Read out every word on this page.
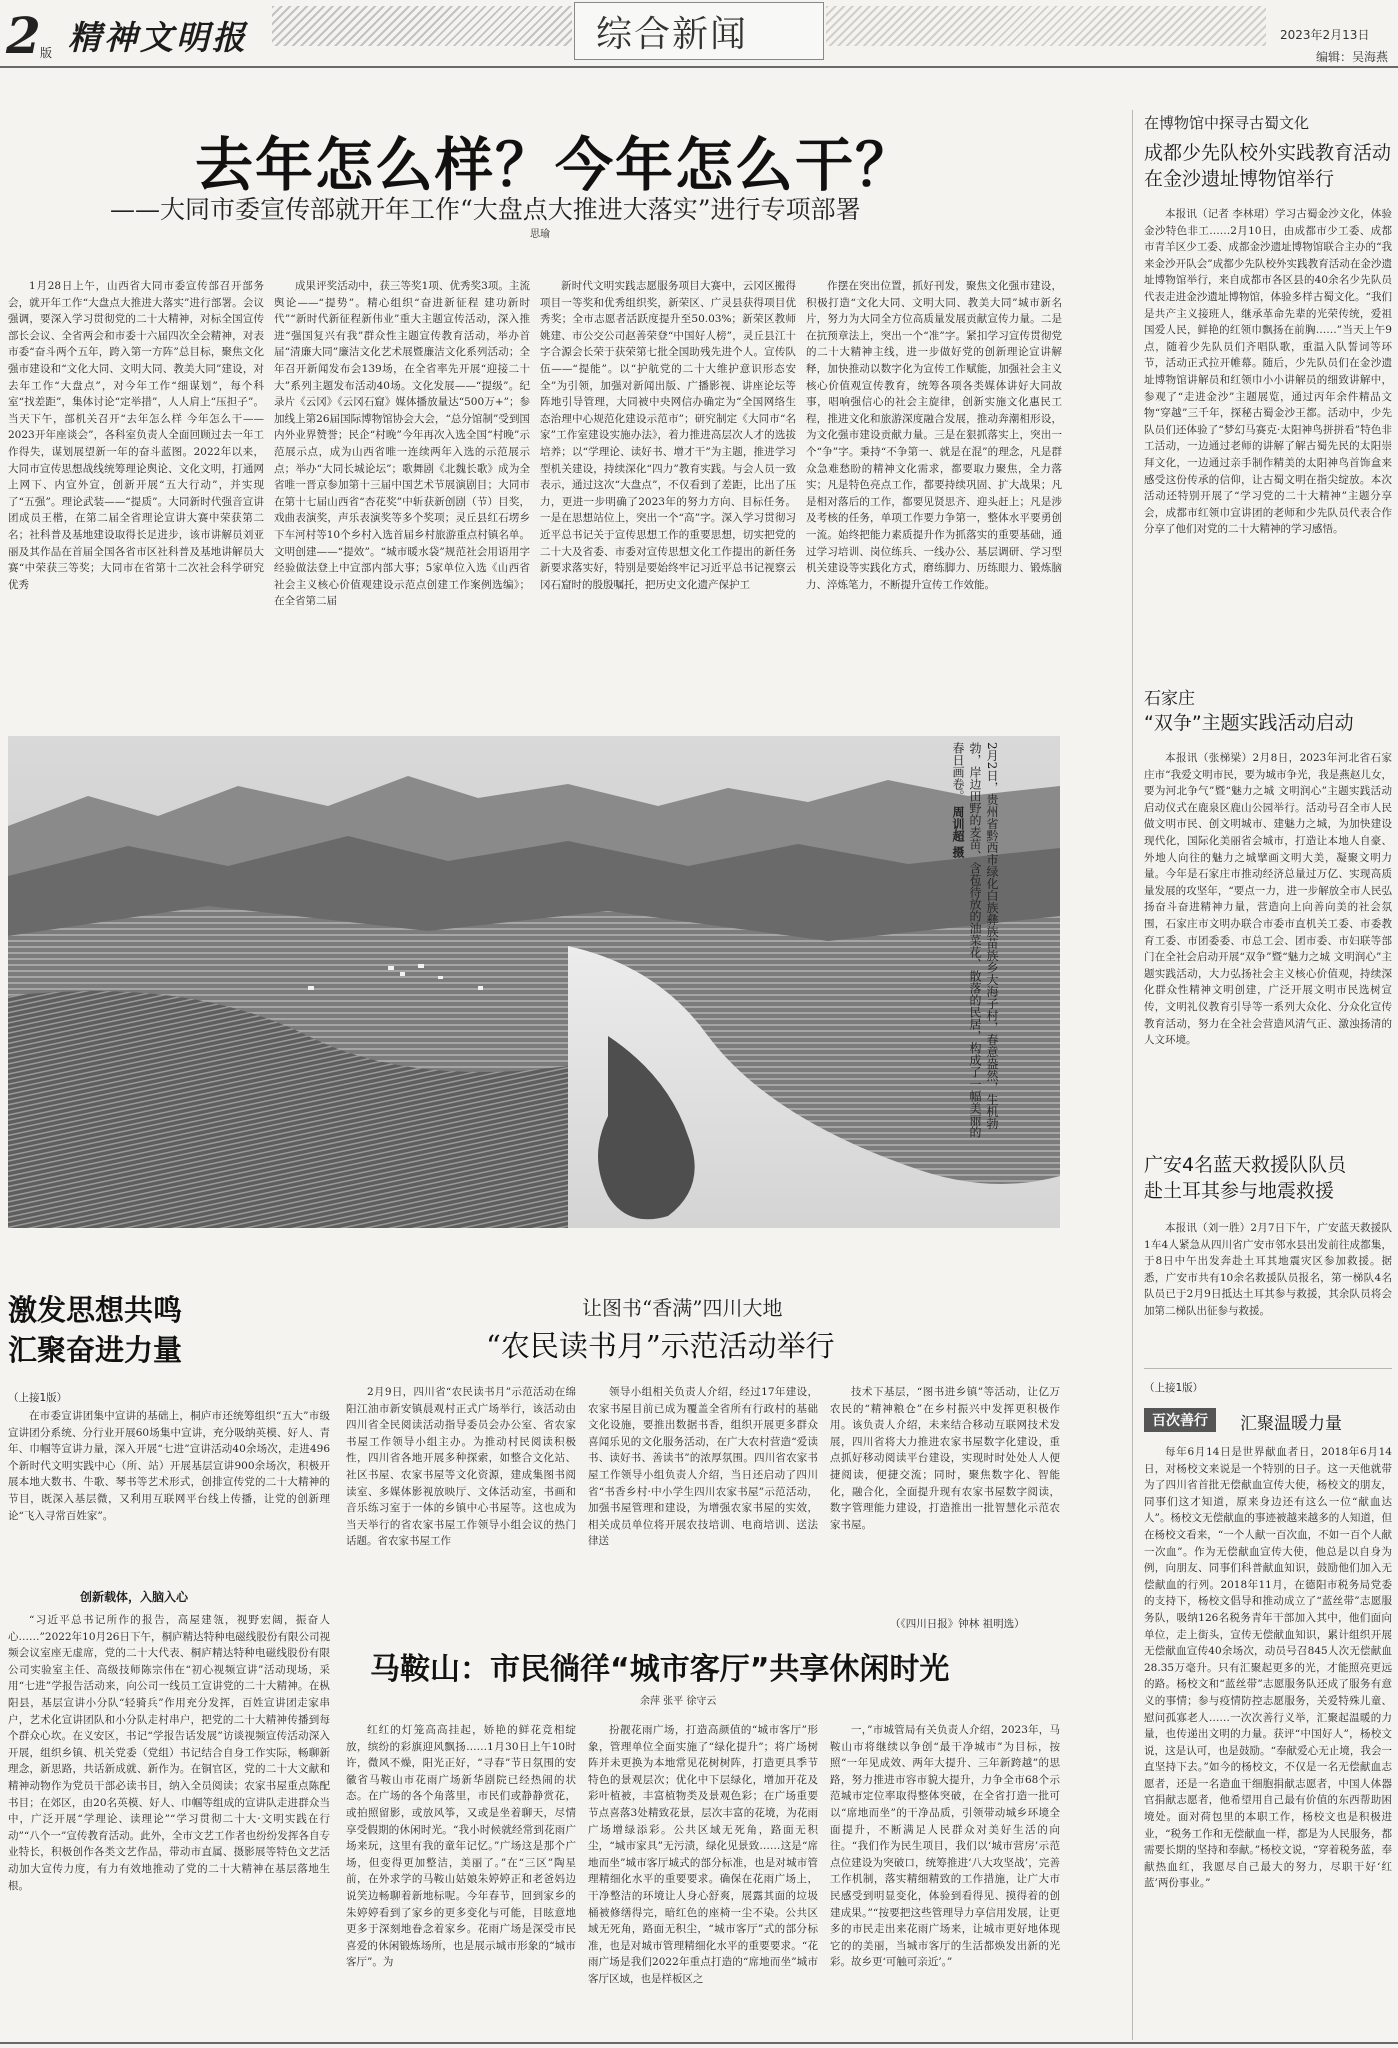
2 版 精神文明报	综合新闻	2023年2月13日
编辑：吴海燕
去年怎么样？今年怎么干？
——大同市委宣传部就开年工作“大盘点大推进大落实”进行专项部署
思瑜

1月28日上午，山西省大同市委宣传部召开部务会，就开年工作“大盘点大推进大落实”进行部署。会议强调，要深入学习贯彻党的二十大精神，对标全国宣传部长会议、全省两会和市委十六届四次全会精神，对表市委“奋斗两个五年，跨入第一方阵”总目标，聚焦文化强市建设和“文化大同、文明大同、教美大同”建设，对去年工作“大盘点”，对今年工作“细谋划”，每个科室“找差距”，集体讨论“定举措”，人人肩上“压担子”。当天下午，部机关召开“去年怎么样 今年怎么干——2023开年座谈会”，各科室负责人全面回顾过去一年工作得失，谋划展望新一年的奋斗蓝图。2022年以来，大同市宣传思想战线统筹理论舆论、文化文明，打通网上网下、内宣外宣，创新开展“五大行动”，并实现了“五强”。理论武装——“提质”。大同新时代强音宣讲团成员王楷，在第二届全省理论宣讲大赛中荣获第二名；社科普及基地建设取得长足进步，该市讲解员刘亚丽及其作品在首届全国各省市区社科普及基地讲解员大赛“中荣获三等奖；大同市在省第十二次社会科学研究优秀

成果评奖活动中，获三等奖1项、优秀奖3项。主流舆论——“提势”。精心组织“奋进新征程 建功新时代”“新时代新征程新伟业”重大主题宣传活动，深入推进“强国复兴有我”群众性主题宣传教育活动，举办首届“清廉大同”廉洁文化艺术展暨廉洁文化系列活动；全年召开新闻发布会139场，在全省率先开展“迎接二十大”系列主题发布活动40场。文化发展——“提级”。纪录片《云冈》《云冈石窟》媒体播放量达“500万+”；参加线上第26届国际博物馆协会大会，“总分馆制”受到国内外业界赞誉；民企“村晚”今年再次入选全国“村晚”示范展示点，成为山西省唯一连续两年入选的示范展示点；举办“大同长城论坛”；歌舞剧《北魏长歌》成为全省唯一晋京参加第十三届中国艺术节展演剧目；大同市在第十七届山西省“杏花奖”中斩获新创剧（节）目奖，戏曲表演奖，声乐表演奖等多个奖项；灵丘县红石塄乡下车河村等10个乡村入选首届乡村旅游重点村镇名单。文明创建——“提效”。“城市暖水袋”规范社会用语用字经验做法登上中宣部内部大事；5家单位入选《山西省社会主义核心价值观建设示范点创建工作案例选编》；在全省第二届

新时代文明实践志愿服务项目大赛中，云冈区搬得项目一等奖和优秀组织奖，新荣区、广灵县获得项目优秀奖；全市志愿者活跃度提升至50.03%；新荣区教师姚建、市公交公司赵善荣登“中国好人榜”，灵丘县江十字合源会长荣于获荣第七批全国助残先进个人。宣传队伍——“提能”。以“护航党的二十大维护意识形态安全”为引领，加强对新闻出版、广播影视、讲座论坛等阵地引导管理，大同被中央网信办确定为“全国网络生态治理中心规范化建设示范市”；研究制定《大同市“名家”工作室建设实施办法》，着力推进高层次人才的选拔培养；以“学理论、读好书、增才干”为主题，推进学习型机关建设，持续深化“四力”教育实践。与会人员一致表示，通过这次“大盘点”，不仅看到了差距，比出了压力，更进一步明确了2023年的努力方向、目标任务。一是在思想站位上，突出一个“高”字。深入学习贯彻习近平总书记关于宣传思想工作的重要思想，切实把党的二十大及省委、市委对宣传思想文化工作提出的新任务新要求落实好，特别是要始终牢记习近平总书记视察云冈石窟时的殷殷嘱托，把历史文化遗产保护工

作摆在突出位置，抓好刊发，聚焦文化强市建设，积极打造“文化大同、文明大同、教美大同”城市新名片，努力为大同全方位高质量发展贡献宣传力量。二是在抗预章法上，突出一个“准”字。紧扣学习宣传贯彻党的二十大精神主线，进一步做好党的创新理论宣讲解释，加快推动以数字化为宣传工作赋能，加强社会主义核心价值观宣传教育，统筹各项各类媒体讲好大同故事，唱响强信心的社会主旋律，创新实施文化惠民工程，推进文化和旅游深度融合发展，推动奔潮相形设，为文化强市建设贡献力量。三是在狠抓落实上，突出一个“争”字。秉持“不争第一、就是在混”的理念，凡是群众急难愁盼的精神文化需求，都要取力聚焦，全力落实；凡是特色亮点工作，都要持续巩固、扩大战果；凡是相对落后的工作，都要见贤思齐、迎头赶上；凡是涉及考核的任务，单项工作要力争第一，整体水平要勇创一流。始终把能力素质提升作为抓落实的重要基础，通过学习培训、岗位练兵、一线办公、基层调研、学习型机关建设等实践化方式，磨练脚力、历练眼力、锻炼脑力、淬炼笔力，不断提升宣传工作效能。

2月2日，贵州省黔西市绿化白族彝族苗族乡大海子村，春意盎然，生机勃勃，岸边田野的麦苗、含苞待放的油菜花、散落的民居，构成了一幅美丽的春日画卷。 周训超 摄
激发思想共鸣
汇聚奋进力量
（上接1版）

在市委宣讲团集中宣讲的基础上，桐庐市还统筹组织“五大”市级宣讲团分系统、分行业开展60场集中宣讲，充分吸纳英模、好人、青年、巾帼等宣讲力量，深入开展“七进”宣讲活动40余场次，走进496个新时代文明实践中心（所、站）开展基层宣讲900余场次，积极开展本地大数书、牛歌、琴书等艺术形式，创排宣传党的二十大精神的节目，既深入基层微，又利用互联网平台线上传播，让党的创新理论“飞入寻常百姓家”。

创新载体，入脑入心

“习近平总书记所作的报告，高屋建瓴，视野宏阔，振奋人心……”2022年10月26日下午，桐庐精达特种电磁线股份有限公司视频会议室座无虚席，党的二十大代表、桐庐精达特种电磁线股份有限公司实验室主任、高级技师陈宗伟在“初心视频宣讲”活动现场，采用“七进”学报告活动来，向公司一线员工宣讲党的二十大精神。在枞阳县，基层宣讲小分队“轻骑兵”作用充分发挥，百姓宣讲团走家串户，艺术化宣讲团队和小分队走村串户，把党的二十大精神传播到每个群众心坎。在义安区，书记“学报告话发展”访谈视频宣传活动深入开展，组织乡镇、机关党委（党组）书记结合自身工作实际，畅聊新理念，新思路，共话新成就、新作为。在铜官区，党的二十大文献和精神动物作为党员干部必读书目，纳入全员阅读；农家书屋重点陈配书目；在郊区，由20名英模、好人、巾帼等组成的宣讲队走进群众当中，广泛开展“学理论、读理论”“学习贯彻二十大·文明实践在行动”“八个一”宣传教育活动。此外，全市文艺工作者也纷纷发挥各自专业特长，积极创作各类文艺作品，带动市直属、摄影展等特色文艺活动加大宣传力度，有力有效地推动了党的二十大精神在基层落地生根。

让图书“香满”四川大地
“农民读书月”示范活动举行

2月9日，四川省“农民读书月”示范活动在绵阳江油市新安镇晨观村正式广场举行，该活动由四川省全民阅读活动指导委员会办公室、省农家书屋工作领导小组主办。为推动村民阅读积极性，四川省各地开展多种探索，如整合文化站、社区书屋、农家书屋等文化资源，建成集图书阅读室、多媒体影视放映厅、文体活动室，书画和音乐练习室于一体的乡镇中心书屋等。这也成为当天举行的省农家书屋工作领导小组会议的热门话题。省农家书屋工作

领导小组相关负责人介绍，经过17年建设，农家书屋目前已成为覆盖全省所有行政村的基础文化设施，要推出数据书香，组织开展更多群众喜闻乐见的文化服务活动，在广大农村营造“爱读书、读好书、善读书”的浓厚氛围。四川省农家书屋工作领导小组负责人介绍，当日还启动了四川省“书香乡村·中小学生四川农家书屋”示范活动，加强书屋管理和建设，为增强农家书屋的实效，相关成员单位将开展农技培训、电商培训、送法律送

技术下基层，“图书进乡镇”等活动，让亿万农民的“精神粮仓”在乡村振兴中发挥更积极作用。该负责人介绍，未来结合移动互联网技术发展，四川省将大力推进农家书屋数字化建设，重点抓好移动阅读平台建设，实现时时处处人人便捷阅读，便捷交流；同时，聚焦数字化、智能化，融合化，全面提升现有农家书屋数字阅读，数字管理能力建设，打造推出一批智慧化示范农家书屋。

（《四川日报》钟林 祖明选）
马鞍山：市民徜徉“城市客厅”共享休闲时光
余萍 张平 徐守云

红红的灯笼高高挂起，娇艳的鲜花竞相绽放，缤纷的彩旗迎风飘扬……1月30日上午10时许，微风不燥，阳光正好，“寻春”节日氛围的安徽省马鞍山市花雨广场新华剧院已经热闹的状态。在广场的各个角落里，市民们或静静赏花，或拍照留影，或放风筝，又或是坐着聊天，尽情享受假期的休闲时光。“我小时候就经常到花雨广场来玩，这里有我的童年记忆。”广场这是那个广场，但变得更加整洁，美丽了。”在“三区”陶星前，在外求学的马鞍山姑娘朱婷婷正和老爸妈边说笑边畅聊着新地标呢。今年春节，回到家乡的朱婷婷看到了家乡的更多变化与可能，目眩意地更多于深刻地眷念着家乡。花雨广场是深受市民喜爱的休闲锻炼场所，也是展示城市形象的“城市客厅”。为

扮靓花雨广场，打造高颜值的“城市客厅”形象，管理单位全面实施了“绿化提升”；将广场树阵并未更换为本地常见花树树阵，打造更具季节特色的景观层次；优化中下层绿化，增加开花及彩叶植被，丰富植物类及景观色彩；在广场重要节点喜落3处精致花景，层次丰富的花境，为花雨广场增绿添彩。公共区域无死角，路面无积尘，“城市家具”无污渍，绿化见景致……这是“席地而坐”城市客厅城式的部分标准，也是对城市管理精细化水平的重要要求。确保在花雨广场上，干净整洁的环境让人身心舒爽，展露其面的垃圾桶被修缮得完，暗红色的座椅一尘不染。公共区域无死角，路面无积尘，“城市客厅”式的部分标准，也是对城市管理精细化水平的重要要求。“花雨广场是我们2022年重点打造的“席地而坐”城市客厅区域，也是样板区之

一，”市城管局有关负责人介绍，2023年，马鞍山市将继续以争创“最干净城市”为目标，按照“一年见成效、两年大提升、三年新跨越”的思路，努力推进市容市貌大提升，力争全市68个示范城市定位率取得整体突破，在全省打造一批可以“席地而坐”的干净品质，引领带动城乡环境全面提升，不断满足人民群众对美好生活的向往。“我们作为民生项目，我们以‘城市营房’示范点位建设为突破口，统筹推进‘八大攻坚战’，完善工作机制，落实精细精致的工作措施，让广大市民感受到明显变化，体验到看得见、摸得着的创建成果。”“按要把这些管理导力享信用发展，让更多的市民走出来花雨广场来，让城市更好地体现它的的美丽，当城市客厅的生活都焕发出新的光彩。故乡更‘可触可亲近’。”

在博物馆中探寻古蜀文化
成都少先队校外实践教育活动
在金沙遗址博物馆举行

本报讯（记者 李林珺）学习古蜀金沙文化，体验金沙特色非工……2月10日，由成都市少工委、成都市青羊区少工委、成都金沙遗址博物馆联合主办的“我来金沙开队会”成都少先队校外实践教育活动在金沙遗址博物馆举行，来自成都市各区县的40余名少先队员代表走进金沙遗址博物馆，体验多样古蜀文化。“我们是共产主义接班人，继承革命先辈的光荣传统，爱祖国爱人民，鲜艳的红领巾飘扬在前胸……”当天上午9点，随着少先队员们齐唱队歌，重温入队誓词等环节，活动正式拉开帷幕。随后，少先队员们在金沙遗址博物馆讲解员和红领巾小小讲解员的细致讲解中，参观了“走进金沙”主题展览，通过丙年余件精品文物“穿越”三千年，探秘古蜀金沙王都。活动中，少先队员们还体验了“梦幻马赛克·太阳神鸟拼拼看”特色非工活动，一边通过老师的讲解了解古蜀先民的太阳崇拜文化，一边通过亲手制作精美的太阳神鸟首饰盒来感受这份传承的信仰，让古蜀文明在指尖绽放。本次活动还特别开展了“学习党的二十大精神”主题分享会，成都市红领巾宣讲团的老师和少先队员代表合作分享了他们对党的二十大精神的学习感悟。

石家庄
“双争”主题实践活动启动

本报讯（张梯梁）2月8日，2023年河北省石家庄市“我爱文明市民，要为城市争光，我是燕赵儿女，要为河北争气”暨“魅力之城 文明润心”主题实践活动启动仪式在鹿泉区鹿山公园举行。活动号召全市人民做文明市民、创文明城市、建魅力之城，为加快建设现代化，国际化美丽省会城市，打造让本地人自豪、外地人向往的魅力之城擘画文明大美，凝聚文明力量。今年是石家庄市推动经济总量过万亿、实现高质量发展的攻坚年，“要点一力，进一步解放全市人民弘扬奋斗奋进精神力量，营造向上向善向美的社会氛围，石家庄市文明办联合市委市直机关工委、市委教育工委、市团委委、市总工会、团市委、市妇联等部门在全社会启动开展“双争”暨“魅力之城 文明润心”主题实践活动，大力弘扬社会主义核心价值观，持续深化群众性精神文明创建，广泛开展文明市民选树宣传，文明礼仪教育引导等一系列大众化、分众化宣传教育活动，努力在全社会营造风清气正、激浊扬清的人文环境。

广安4名蓝天救援队队员
赴土耳其参与地震救援

本报讯（刘一胜）2月7日下午，广安蓝天救援队1车4人紧急从四川省广安市邻水县出发前往成都集，于8日中午出发奔赴土耳其地震灾区参加救援。据悉，广安市共有10余名救援队员报名，第一梯队4名队员已于2月9日抵达土耳其参与救援，其余队员将会加第二梯队出征参与救援。

（上接1版）
百次善行	汇聚温暖力量

每年6月14日是世界献血者日，2018年6月14日，对杨校文来说是一个特别的日子。这一天他就带为了四川省首批无偿献血宣传大使，杨校文的朋友，同事们这才知道，原来身边还有这么一位“献血达人”。杨校文无偿献血的事迹被越来越多的人知道，但在杨校文看来，“一个人献一百次血，不如一百个人献一次血”。作为无偿献血宣传大使，他总是以自身为例，向朋友、同事们科普献血知识，鼓励他们加入无偿献血的行列。2018年11月，在德阳市税务局党委的支持下，杨校文倡导和推动成立了“蓝丝带”志愿服务队，吸纳126名税务青年干部加入其中，他们面向单位，走上街头，宣传无偿献血知识，累计组织开展无偿献血宣传40余场次，动员号召845人次无偿献血28.35万毫升。只有汇聚起更多的光，才能照亮更远的路。杨校文和“蓝丝带”志愿服务队还成了服务有意义的事情；参与疫情防控志愿服务，关爱特殊儿童、慰问孤寡老人……一次次善行义举，汇聚起温暖的力量，也传递出文明的力量。获评“中国好人”，杨校文说，这是认可，也是鼓励。“奉献爱心无止境，我会一直坚持下去。”如今的杨校文，不仅是一名无偿献血志愿者，还是一名造血干细胞捐献志愿者，中国人体器官捐献志愿者，他希望用自己最有价值的东西帮助困境处。面对荷包里的本职工作，杨校文也是积极进业，“税务工作和无偿献血一样，都是为人民服务，都需要长期的坚持和奉献。”杨校文说，“穿着税务蓝，奉献热血红，我愿尽自己最大的努力，尽职干好‘红蓝’两份事业。”
